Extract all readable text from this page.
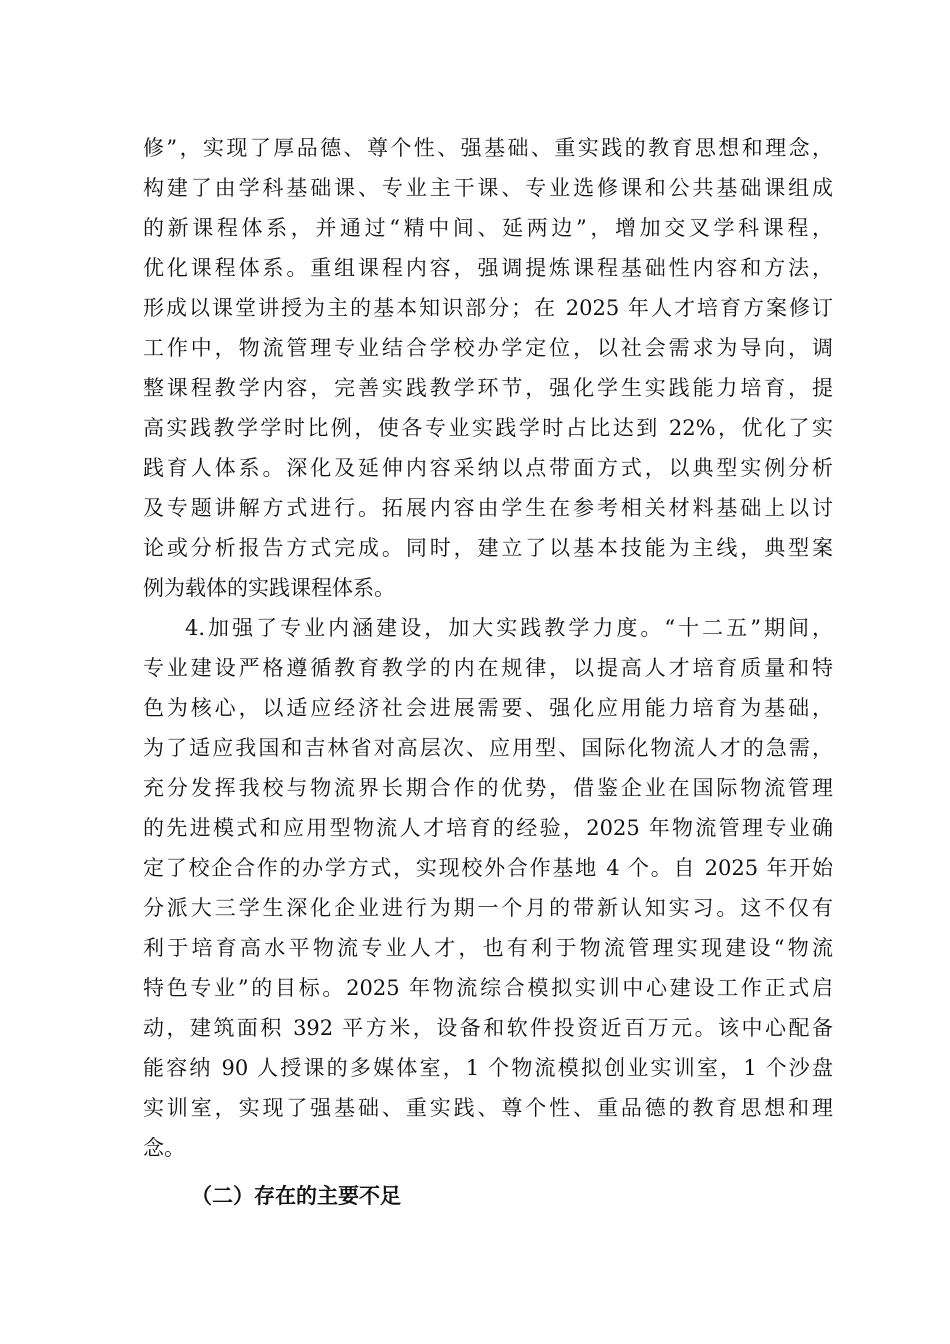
修”，实现了厚品德、尊个性、强基础、重实践的教育思想和理念，
构建了由学科基础课、专业主干课、专业选修课和公共基础课组成
的新课程体系，并通过“精中间、延两边”，增加交叉学科课程，
优化课程体系。重组课程内容，强调提炼课程基础性内容和方法，
形成以课堂讲授为主的基本知识部分；在 2025 年人才培育方案修订
工作中，物流管理专业结合学校办学定位，以社会需求为导向，调
整课程教学内容，完善实践教学环节，强化学生实践能力培育，提
高实践教学学时比例，使各专业实践学时占比达到 22%，优化了实
践育人体系。深化及延伸内容采纳以点带面方式，以典型实例分析
及专题讲解方式进行。拓展内容由学生在参考相关材料基础上以讨
论或分析报告方式完成。同时，建立了以基本技能为主线，典型案
例为载体的实践课程体系。
4.加强了专业内涵建设，加大实践教学力度。“十二五”期间，
专业建设严格遵循教育教学的内在规律，以提高人才培育质量和特
色为核心，以适应经济社会进展需要、强化应用能力培育为基础，
为了适应我国和吉林省对高层次、应用型、国际化物流人才的急需，
充分发挥我校与物流界长期合作的优势，借鉴企业在国际物流管理
的先进模式和应用型物流人才培育的经验，2025 年物流管理专业确
定了校企合作的办学方式，实现校外合作基地 4 个。自 2025 年开始
分派大三学生深化企业进行为期一个月的带新认知实习。这不仅有
利于培育高水平物流专业人才，也有利于物流管理实现建设“物流
特色专业”的目标。2025 年物流综合模拟实训中心建设工作正式启
动，建筑面积 392 平方米，设备和软件投资近百万元。该中心配备
能容纳 90 人授课的多媒体室，1 个物流模拟创业实训室，1 个沙盘
实训室，实现了强基础、重实践、尊个性、重品德的教育思想和理
念。
（二）存在的主要不足
